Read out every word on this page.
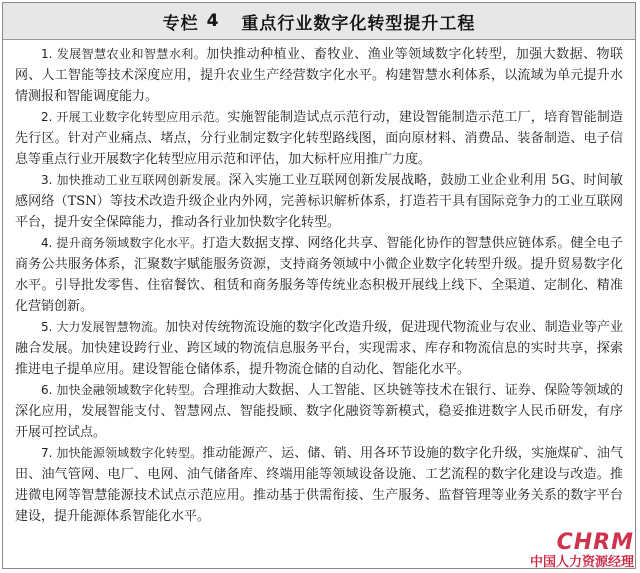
专栏 4 重点行业数字化转型提升工程

1. 发展智慧农业和智慧水利。加快推动种植业、畜牧业、渔业等领域数字化转型，加强大数据、物联网、人工智能等技术深度应用，提升农业生产经营数字化水平。构建智慧水利体系，以流域为单元提升水情测报和智能调度能力。

2. 开展工业数字化转型应用示范。实施智能制造试点示范行动，建设智能制造示范工厂，培育智能制造先行区。针对产业痛点、堵点，分行业制定数字化转型路线图，面向原材料、消费品、装备制造、电子信息等重点行业开展数字化转型应用示范和评估，加大标杆应用推广力度。

3. 加快推动工业互联网创新发展。深入实施工业互联网创新发展战略，鼓励工业企业利用 5G、时间敏感网络（TSN）等技术改造升级企业内外网，完善标识解析体系，打造若干具有国际竞争力的工业互联网平台，提升安全保障能力，推动各行业加快数字化转型。

4. 提升商务领域数字化水平。打造大数据支撑、网络化共享、智能化协作的智慧供应链体系。健全电子商务公共服务体系，汇聚数字赋能服务资源，支持商务领域中小微企业数字化转型升级。提升贸易数字化水平。引导批发零售、住宿餐饮、租赁和商务服务等传统业态积极开展线上线下、全渠道、定制化、精准化营销创新。

5. 大力发展智慧物流。加快对传统物流设施的数字化改造升级，促进现代物流业与农业、制造业等产业融合发展。加快建设跨行业、跨区域的物流信息服务平台，实现需求、库存和物流信息的实时共享，探索推进电子提单应用。建设智能仓储体系，提升物流仓储的自动化、智能化水平。

6. 加快金融领域数字化转型。合理推动大数据、人工智能、区块链等技术在银行、证券、保险等领域的深化应用，发展智能支付、智慧网点、智能投顾、数字化融资等新模式，稳妥推进数字人民币研发，有序开展可控试点。

7. 加快能源领域数字化转型。推动能源产、运、储、销、用各环节设施的数字化升级，实施煤矿、油气田、油气管网、电厂、电网、油气储备库、终端用能等领域设备设施、工艺流程的数字化建设与改造。推进微电网等智慧能源技术试点示范应用。推动基于供需衔接、生产服务、监督管理等业务关系的数字平台建设，提升能源体系智能化水平。

CHRM
中国人力资源经理
